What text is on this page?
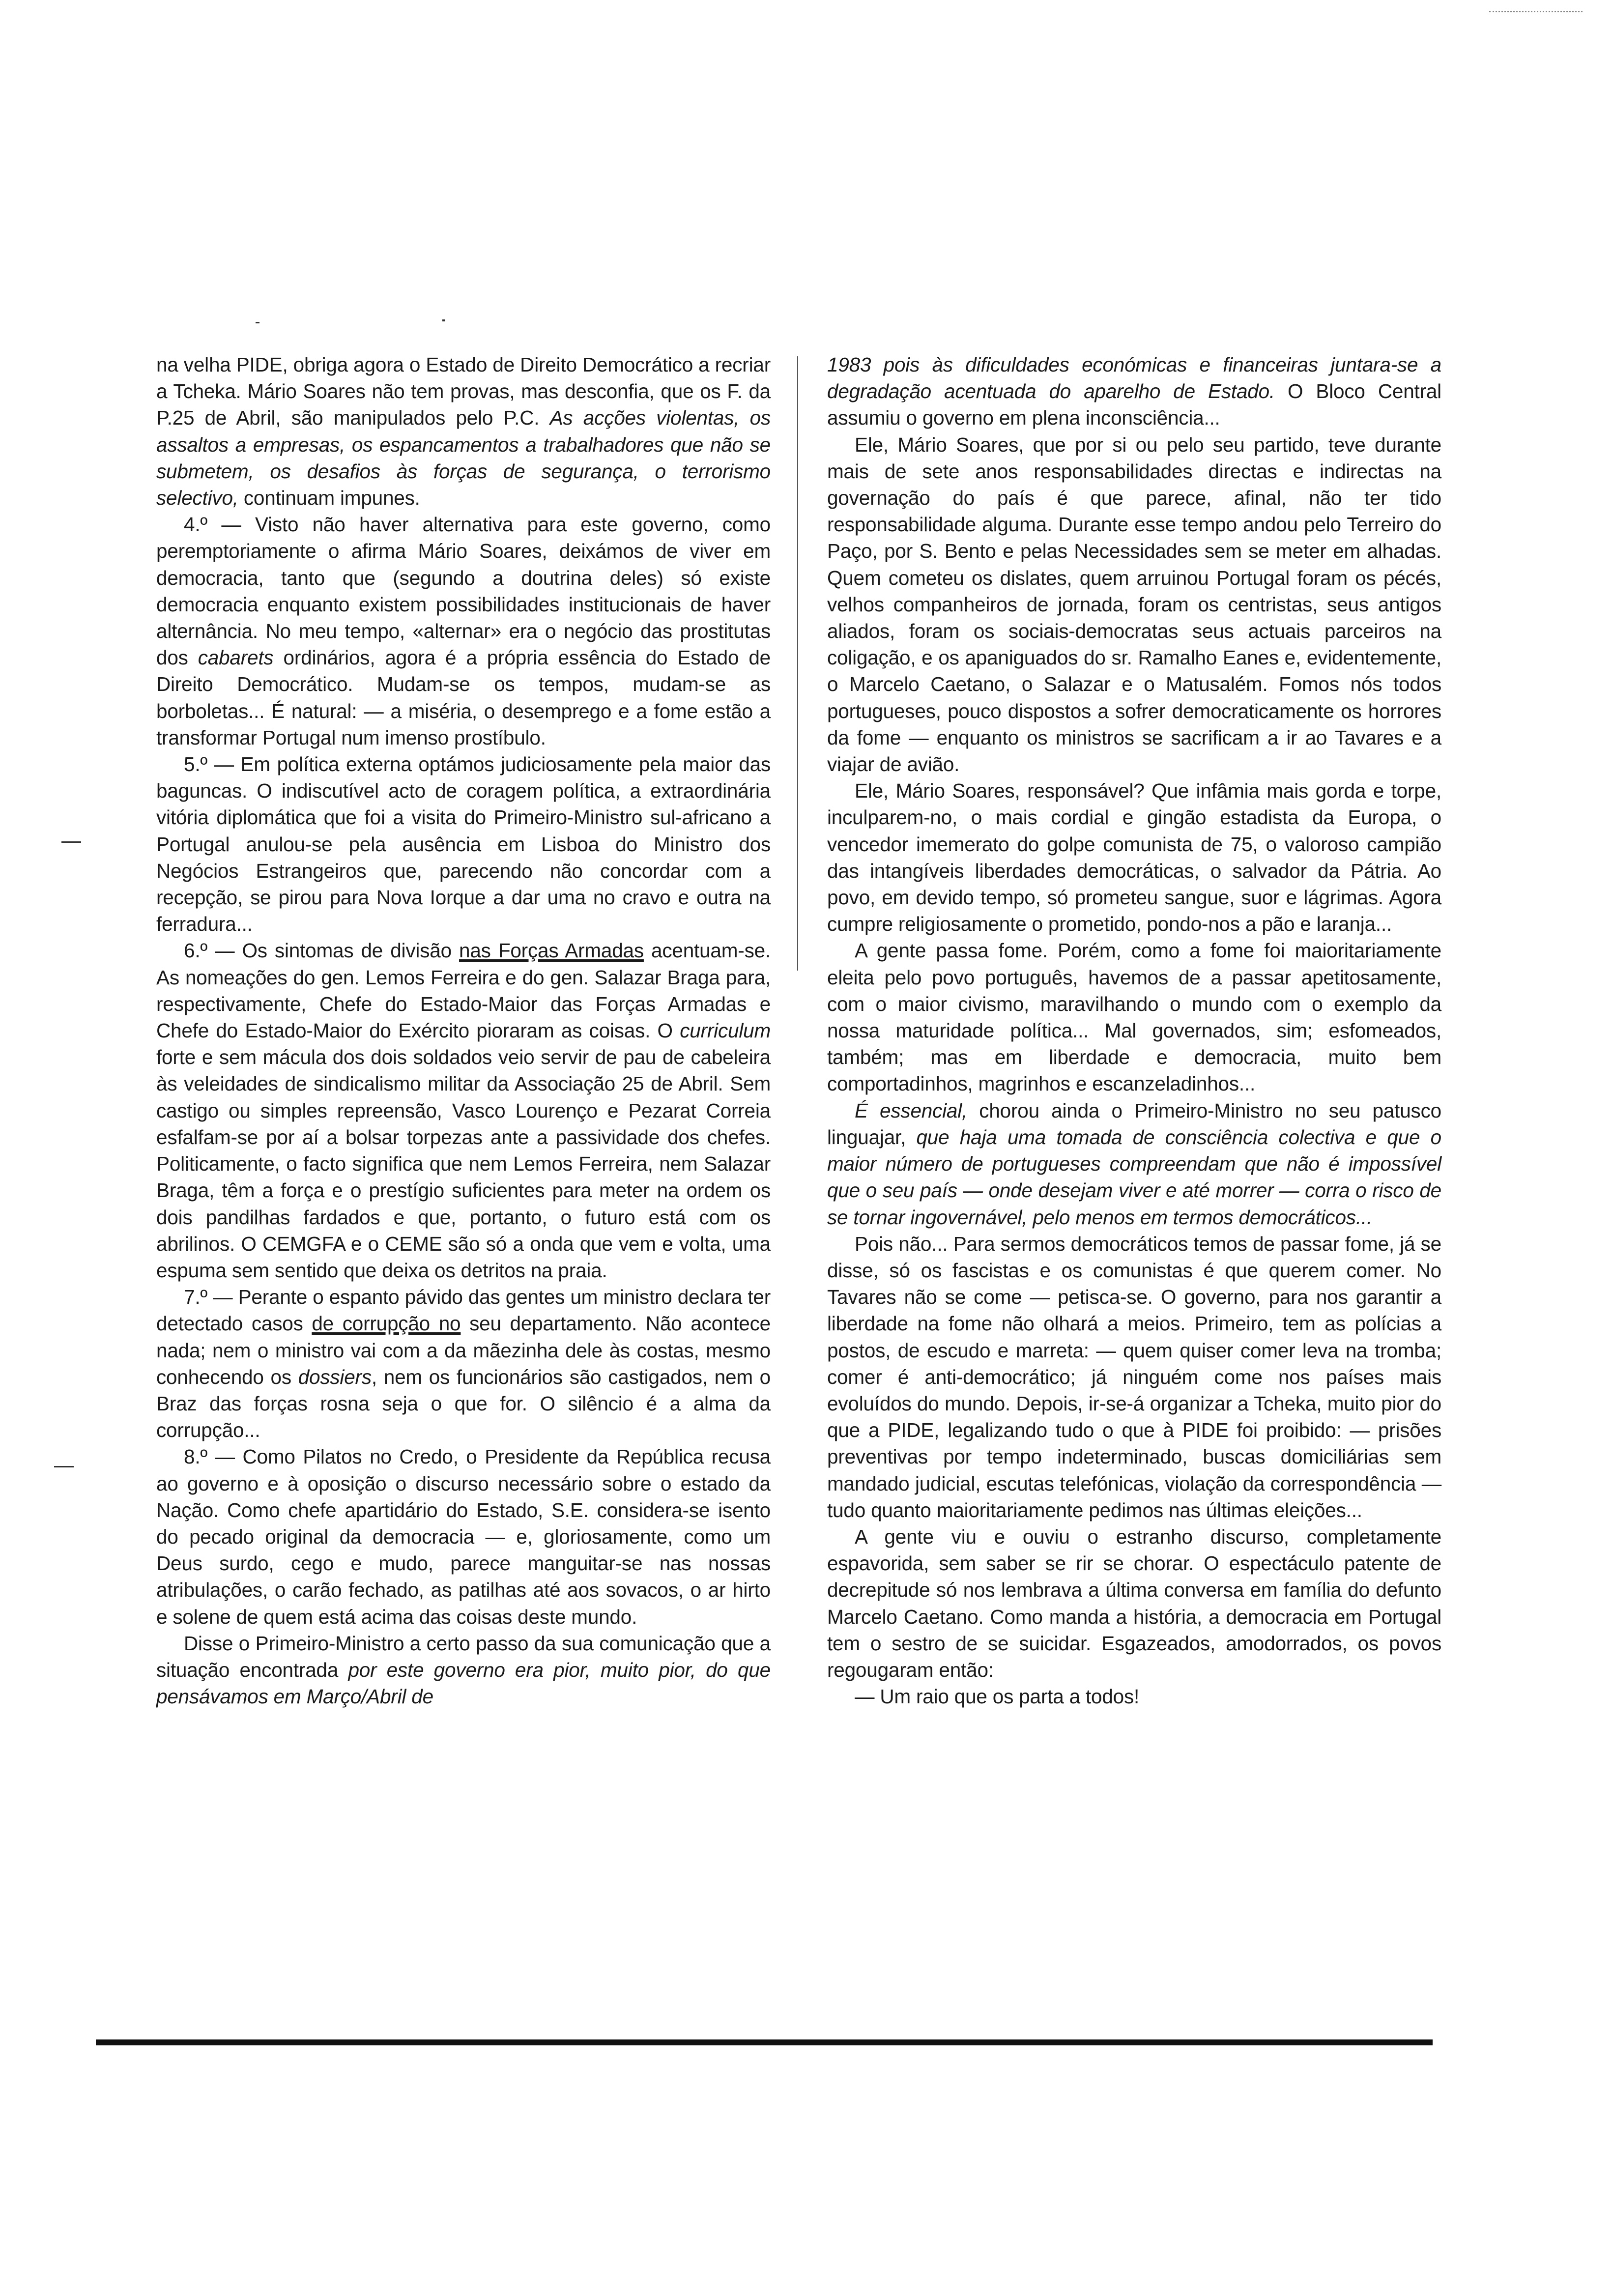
na velha PIDE, obriga agora o Estado de Direito Democrático a recriar a Tcheka. Mário Soares não tem provas, mas desconfia, que os F. da P.25 de Abril, são manipulados pelo P.C. As acções violentas, os assaltos a empresas, os espancamentos a trabalhadores que não se submetem, os desafios às forças de segurança, o terrorismo selectivo, continuam impunes.

4.º — Visto não haver alternativa para este governo, como peremptoriamente o afirma Mário Soares, deixámos de viver em democracia, tanto que (segundo a doutrina deles) só existe democracia enquanto existem possibilidades institucionais de haver alternância. No meu tempo, «alternar» era o negócio das prostitutas dos cabarets ordinários, agora é a própria essência do Estado de Direito Democrático. Mudam-se os tempos, mudam-se as borboletas... É natural: — a miséria, o desemprego e a fome estão a transformar Portugal num imenso prostíbulo.

5.º — Em política externa optámos judiciosamente pela maior das baguncas. O indiscutível acto de coragem política, a extraordinária vitória diplomática que foi a visita do Primeiro-Ministro sul-africano a Portugal anulou-se pela ausência em Lisboa do Ministro dos Negócios Estrangeiros que, parecendo não concordar com a recepção, se pirou para Nova Iorque a dar uma no cravo e outra na ferradura...

6.º — Os sintomas de divisão nas Forças Armadas acentuam-se. As nomeações do gen. Lemos Ferreira e do gen. Salazar Braga para, respectivamente, Chefe do Estado-Maior das Forças Armadas e Chefe do Estado-Maior do Exército pioraram as coisas. O curriculum forte e sem mácula dos dois soldados veio servir de pau de cabeleira às veleidades de sindicalismo militar da Associação 25 de Abril. Sem castigo ou simples repreensão, Vasco Lourenço e Pezarat Correia esfalfam-se por aí a bolsar torpezas ante a passividade dos chefes. Politicamente, o facto significa que nem Lemos Ferreira, nem Salazar Braga, têm a força e o prestígio suficientes para meter na ordem os dois pandilhas fardados e que, portanto, o futuro está com os abrilinos. O CEMGFA e o CEME são só a onda que vem e volta, uma espuma sem sentido que deixa os detritos na praia.

7.º — Perante o espanto pávido das gentes um ministro declara ter detectado casos de corrupção no seu departamento. Não acontece nada; nem o ministro vai com a da mãezinha dele às costas, mesmo conhecendo os dossiers, nem os funcionários são castigados, nem o Braz das forças rosna seja o que for. O silêncio é a alma da corrupção...

8.º — Como Pilatos no Credo, o Presidente da República recusa ao governo e à oposição o discurso necessário sobre o estado da Nação. Como chefe apartidário do Estado, S.E. considera-se isento do pecado original da democracia — e, gloriosamente, como um Deus surdo, cego e mudo, parece manguitar-se nas nossas atribulações, o carão fechado, as patilhas até aos sovacos, o ar hirto e solene de quem está acima das coisas deste mundo.

Disse o Primeiro-Ministro a certo passo da sua comunicação que a situação encontrada por este governo era pior, muito pior, do que pensávamos em Março/Abril de

1983 pois às dificuldades económicas e financeiras juntara-se a degradação acentuada do aparelho de Estado. O Bloco Central assumiu o governo em plena inconsciência...

Ele, Mário Soares, que por si ou pelo seu partido, teve durante mais de sete anos responsabilidades directas e indirectas na governação do país é que parece, afinal, não ter tido responsabilidade alguma. Durante esse tempo andou pelo Terreiro do Paço, por S. Bento e pelas Necessidades sem se meter em alhadas. Quem cometeu os dislates, quem arruinou Portugal foram os pécés, velhos companheiros de jornada, foram os centristas, seus antigos aliados, foram os sociais-democratas seus actuais parceiros na coligação, e os apaniguados do sr. Ramalho Eanes e, evidentemente, o Marcelo Caetano, o Salazar e o Matusalém. Fomos nós todos portugueses, pouco dispostos a sofrer democraticamente os horrores da fome — enquanto os ministros se sacrificam a ir ao Tavares e a viajar de avião.

Ele, Mário Soares, responsável? Que infâmia mais gorda e torpe, inculparem-no, o mais cordial e gingão estadista da Europa, o vencedor imemerato do golpe comunista de 75, o valoroso campião das intangíveis liberdades democráticas, o salvador da Pátria. Ao povo, em devido tempo, só prometeu sangue, suor e lágrimas. Agora cumpre religiosamente o prometido, pondo-nos a pão e laranja...

A gente passa fome. Porém, como a fome foi maioritariamente eleita pelo povo português, havemos de a passar apetitosamente, com o maior civismo, maravilhando o mundo com o exemplo da nossa maturidade política... Mal governados, sim; esfomeados, também; mas em liberdade e democracia, muito bem comportadinhos, magrinhos e escanzeladinhos...

É essencial, chorou ainda o Primeiro-Ministro no seu patusco linguajar, que haja uma tomada de consciência colectiva e que o maior número de portugueses compreendam que não é impossível que o seu país — onde desejam viver e até morrer — corra o risco de se tornar ingovernável, pelo menos em termos democráticos...

Pois não... Para sermos democráticos temos de passar fome, já se disse, só os fascistas e os comunistas é que querem comer. No Tavares não se come — petisca-se. O governo, para nos garantir a liberdade na fome não olhará a meios. Primeiro, tem as polícias a postos, de escudo e marreta: — quem quiser comer leva na tromba; comer é anti-democrático; já ninguém come nos países mais evoluídos do mundo. Depois, ir-se-á organizar a Tcheka, muito pior do que a PIDE, legalizando tudo o que à PIDE foi proibido: — prisões preventivas por tempo indeterminado, buscas domiciliárias sem mandado judicial, escutas telefónicas, violação da correspondência — tudo quanto maioritariamente pedimos nas últimas eleições...

A gente viu e ouviu o estranho discurso, completamente espavorida, sem saber se rir se chorar. O espectáculo patente de decrepitude só nos lembrava a última conversa em família do defunto Marcelo Caetano. Como manda a história, a democracia em Portugal tem o sestro de se suicidar. Esgazeados, amodorrados, os povos regougaram então:

— Um raio que os parta a todos!
